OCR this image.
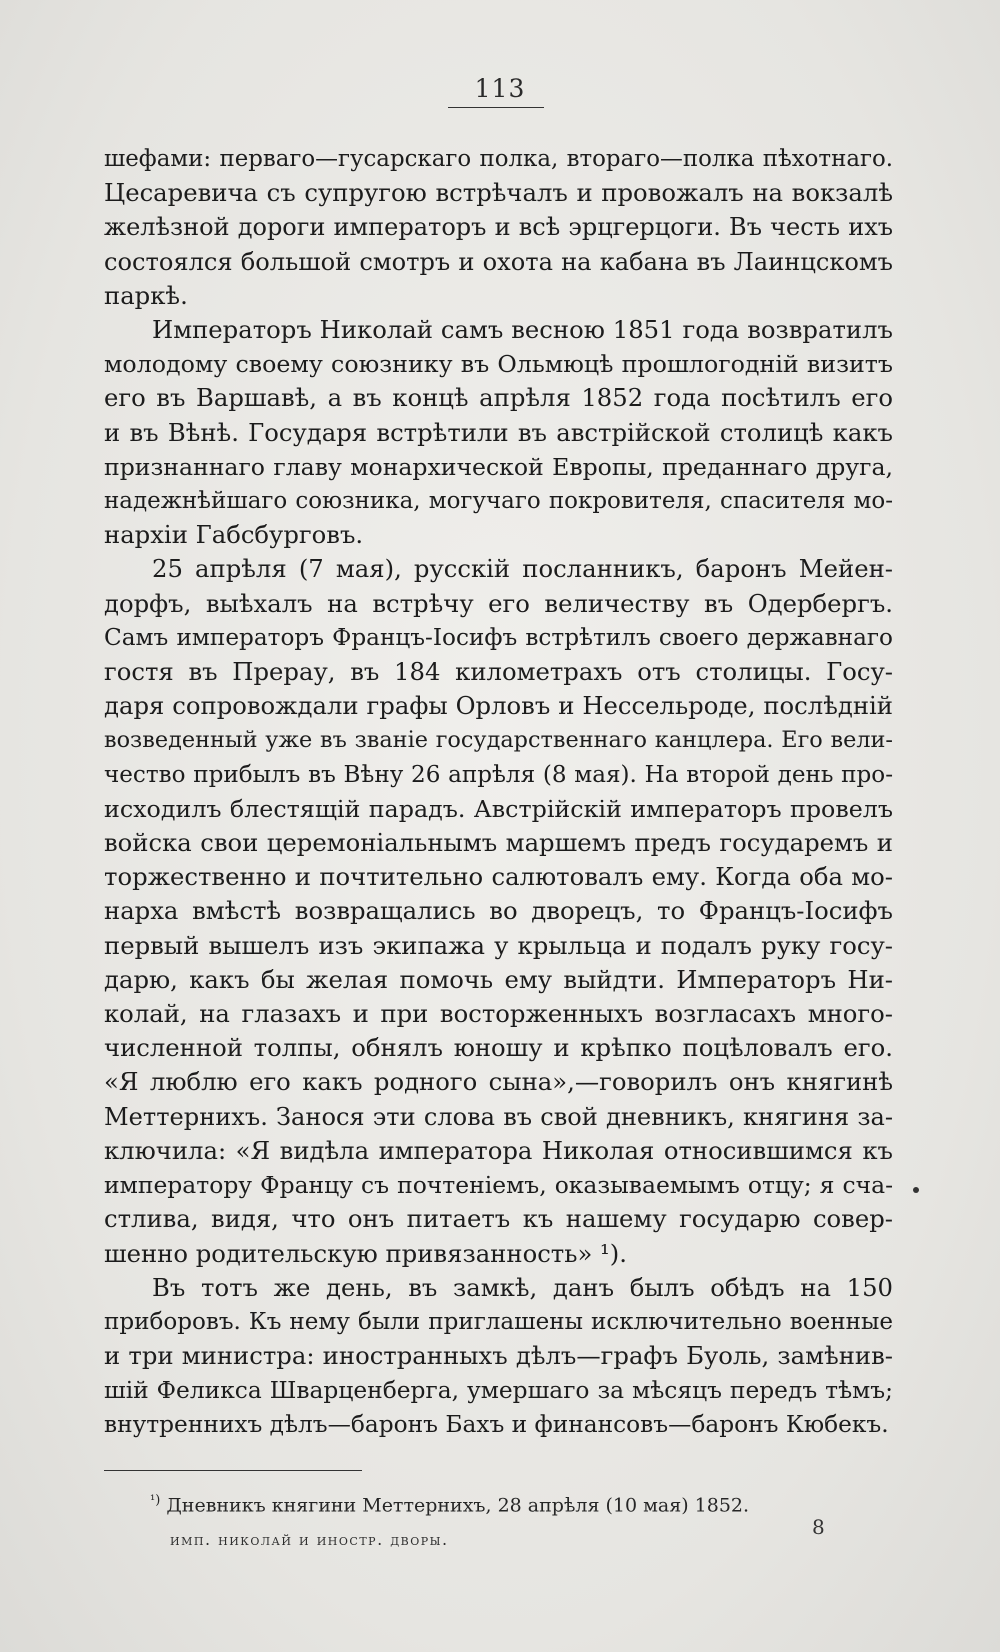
113
шефами: перваго—гусарскаго полка, втораго—полка пѣхотнаго.
Цесаревича съ супругою встрѣчалъ и провожалъ на вокзалѣ
желѣзной дороги императоръ и всѣ эрцгерцоги. Въ честь ихъ
состоялся большой смотръ и охота на кабана въ Лаинцскомъ
паркѣ.
Императоръ Николай самъ весною 1851 года возвратилъ
молодому своему союзнику въ Ольмюцѣ прошлогоднiй визитъ
его въ Варшавѣ, а въ концѣ апрѣля 1852 года посѣтилъ его
и въ Вѣнѣ. Государя встрѣтили въ австрiйской столицѣ какъ
признаннаго главу монархической Европы, преданнаго друга,
надежнѣйшаго союзника, могучаго покровителя, спасителя мо-
нархiи Габсбурговъ.
25 апрѣля (7 мая), русскiй посланникъ, баронъ Мейен-
дорфъ, выѣхалъ на встрѣчу его величеству въ Одербергъ.
Самъ императоръ Францъ-Iосифъ встрѣтилъ своего державнаго
гостя въ Прерау, въ 184 километрахъ отъ столицы. Госу-
даря сопровождали графы Орловъ и Нессельроде, послѣднiй
возведенный уже въ званiе государственнаго канцлера. Его вели-
чество прибылъ въ Вѣну 26 апрѣля (8 мая). На второй день про-
исходилъ блестящiй парадъ. Австрiйскiй императоръ провелъ
войска свои церемонiальнымъ маршемъ предъ государемъ и
торжественно и почтительно салютовалъ ему. Когда оба мо-
нарха вмѣстѣ возвращались во дворецъ, то Францъ-Iосифъ
первый вышелъ изъ экипажа у крыльца и подалъ руку госу-
дарю, какъ бы желая помочь ему выйдти. Императоръ Ни-
колай, на глазахъ и при восторженныхъ возгласахъ много-
численной толпы, обнялъ юношу и крѣпко поцѣловалъ его.
«Я люблю его какъ родного сына»,—говорилъ онъ княгинѣ
Меттернихъ. Занося эти слова въ свой дневникъ, княгиня за-
ключила: «Я видѣла императора Николая относившимся къ
императору Францу съ почтенiемъ, оказываемымъ отцу; я сча-
стлива, видя, что онъ питаетъ къ нашему государю совер-
шенно родительскую привязанность» ¹).
Въ тотъ же день, въ замкѣ, данъ былъ обѣдъ на 150
приборовъ. Къ нему были приглашены исключительно военные
и три министра: иностранныхъ дѣлъ—графъ Буоль, замѣнив-
шiй Феликса Шварценберга, умершаго за мѣсяцъ передъ тѣмъ;
внутреннихъ дѣлъ—баронъ Бахъ и финансовъ—баронъ Кюбекъ.
$^{^1)}$ Дневникъ княгини Меттернихъ, 28 апрѣля (10 мая) 1852.
имп. николай и иностр. дворы.
8
